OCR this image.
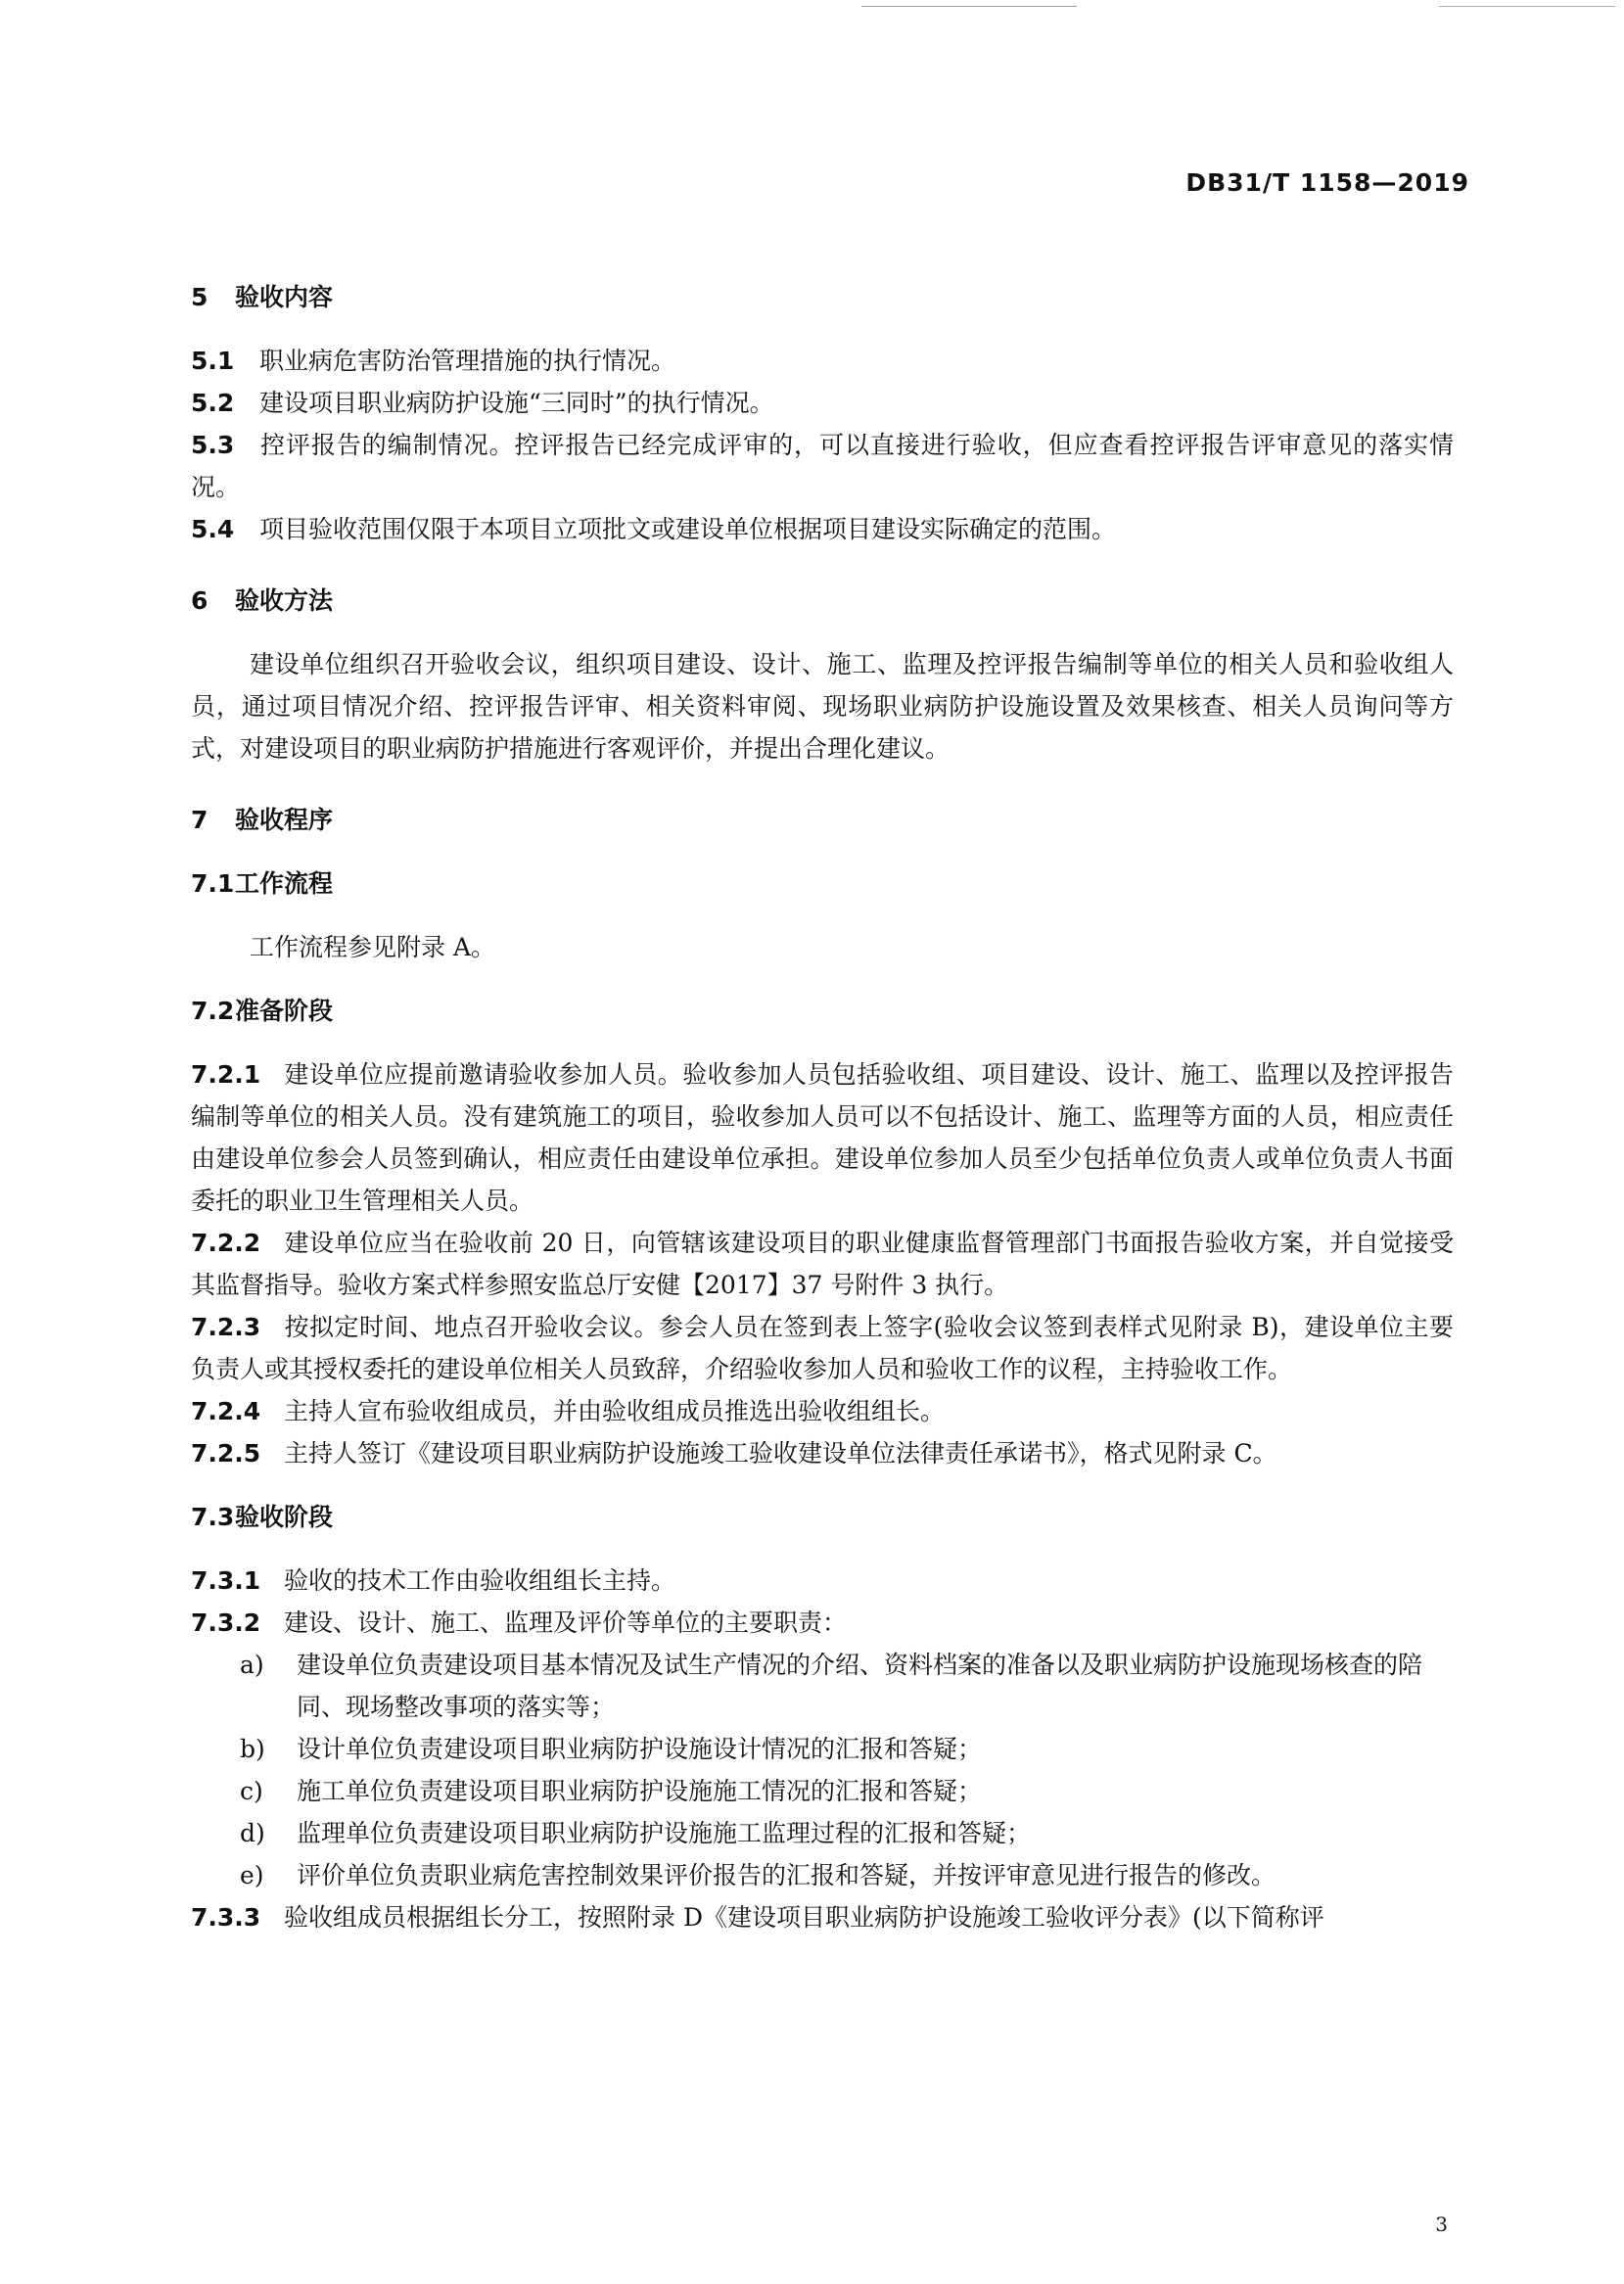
DB31/T 1158—2019

5 验收内容

5.1 职业病危害防治管理措施的执行情况。

5.2 建设项目职业病防护设施“三同时”的执行情况。

5.3 控评报告的编制情况。控评报告已经完成评审的，可以直接进行验收，但应查看控评报告评审意见的落实情况。

5.4 项目验收范围仅限于本项目立项批文或建设单位根据项目建设实际确定的范围。

6 验收方法

建设单位组织召开验收会议，组织项目建设、设计、施工、监理及控评报告编制等单位的相关人员和验收组人员，通过项目情况介绍、控评报告评审、相关资料审阅、现场职业病防护设施设置及效果核查、相关人员询问等方式，对建设项目的职业病防护措施进行客观评价，并提出合理化建议。

7 验收程序

7.1工作流程

工作流程参见附录 A。

7.2准备阶段

7.2.1 建设单位应提前邀请验收参加人员。验收参加人员包括验收组、项目建设、设计、施工、监理以及控评报告编制等单位的相关人员。没有建筑施工的项目，验收参加人员可以不包括设计、施工、监理等方面的人员，相应责任由建设单位参会人员签到确认，相应责任由建设单位承担。建设单位参加人员至少包括单位负责人或单位负责人书面委托的职业卫生管理相关人员。

7.2.2 建设单位应当在验收前 20 日，向管辖该建设项目的职业健康监督管理部门书面报告验收方案，并自觉接受其监督指导。验收方案式样参照安监总厅安健【2017】37 号附件 3 执行。

7.2.3 按拟定时间、地点召开验收会议。参会人员在签到表上签字(验收会议签到表样式见附录 B)，建设单位主要负责人或其授权委托的建设单位相关人员致辞，介绍验收参加人员和验收工作的议程，主持验收工作。

7.2.4 主持人宣布验收组成员，并由验收组成员推选出验收组组长。

7.2.5 主持人签订《建设项目职业病防护设施竣工验收建设单位法律责任承诺书》，格式见附录 C。

7.3验收阶段

7.3.1 验收的技术工作由验收组组长主持。

7.3.2 建设、设计、施工、监理及评价等单位的主要职责：

a)	建设单位负责建设项目基本情况及试生产情况的介绍、资料档案的准备以及职业病防护设施现场核查的陪同、现场整改事项的落实等；
b)	设计单位负责建设项目职业病防护设施设计情况的汇报和答疑；
c)	施工单位负责建设项目职业病防护设施施工情况的汇报和答疑；
d)	监理单位负责建设项目职业病防护设施施工监理过程的汇报和答疑；
e)	评价单位负责职业病危害控制效果评价报告的汇报和答疑，并按评审意见进行报告的修改。

7.3.3 验收组成员根据组长分工，按照附录 D《建设项目职业病防护设施竣工验收评分表》(以下简称评

3
